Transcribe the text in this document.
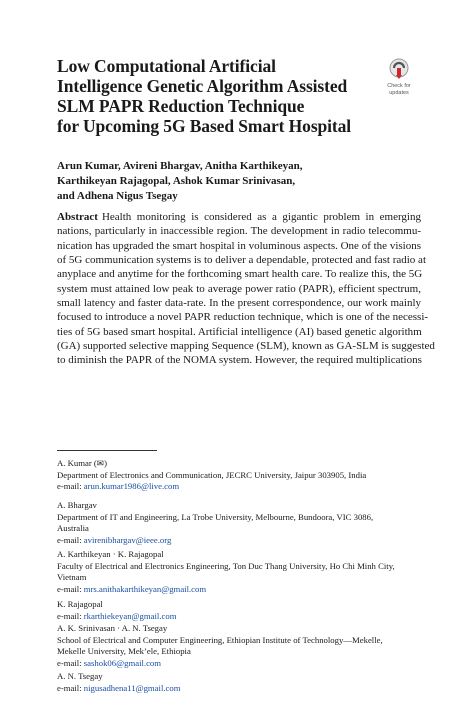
Low Computational Artificial
Intelligence Genetic Algorithm Assisted
SLM PAPR Reduction Technique
for Upcoming 5G Based Smart Hospital
Check for
updates
Arun Kumar, Avireni Bhargav, Anitha Karthikeyan,
Karthikeyan Rajagopal, Ashok Kumar Srinivasan,
and Adhena Nigus Tsegay
Abstract Health monitoring is considered as a gigantic problem in emerging
nations, particularly in inaccessible region. The development in radio telecommu-
nication has upgraded the smart hospital in voluminous aspects. One of the visions
of 5G communication systems is to deliver a dependable, protected and fast radio at
anyplace and anytime for the forthcoming smart health care. To realize this, the 5G
system must attained low peak to average power ratio (PAPR), efficient spectrum,
small latency and faster data-rate. In the present correspondence, our work mainly
focused to introduce a novel PAPR reduction technique, which is one of the necessi-
ties of 5G based smart hospital. Artificial intelligence (AI) based genetic algorithm
(GA) supported selective mapping Sequence (SLM), known as GA-SLM is suggested
to diminish the PAPR of the NOMA system. However, the required multiplications
A. Kumar (✉)
Department of Electronics and Communication, JECRC University, Jaipur 303905, India
e-mail: arun.kumar1986@live.com
A. Bhargav
Department of IT and Engineering, La Trobe University, Melbourne, Bundoora, VIC 3086,
Australia
e-mail: avirenibhargav@ieee.org
A. Karthikeyan · K. Rajagopal
Faculty of Electrical and Electronics Engineering, Ton Duc Thang University, Ho Chi Minh City,
Vietnam
e-mail: mrs.anithakarthikeyan@gmail.com
K. Rajagopal
e-mail: rkarthiekeyan@gmail.com
A. K. Srinivasan · A. N. Tsegay
School of Electrical and Computer Engineering, Ethiopian Institute of Technology—Mekelle,
Mekelle University, Mek’ele, Ethiopia
e-mail: sashok06@gmail.com
A. N. Tsegay
e-mail: nigusadhena11@gmail.com
